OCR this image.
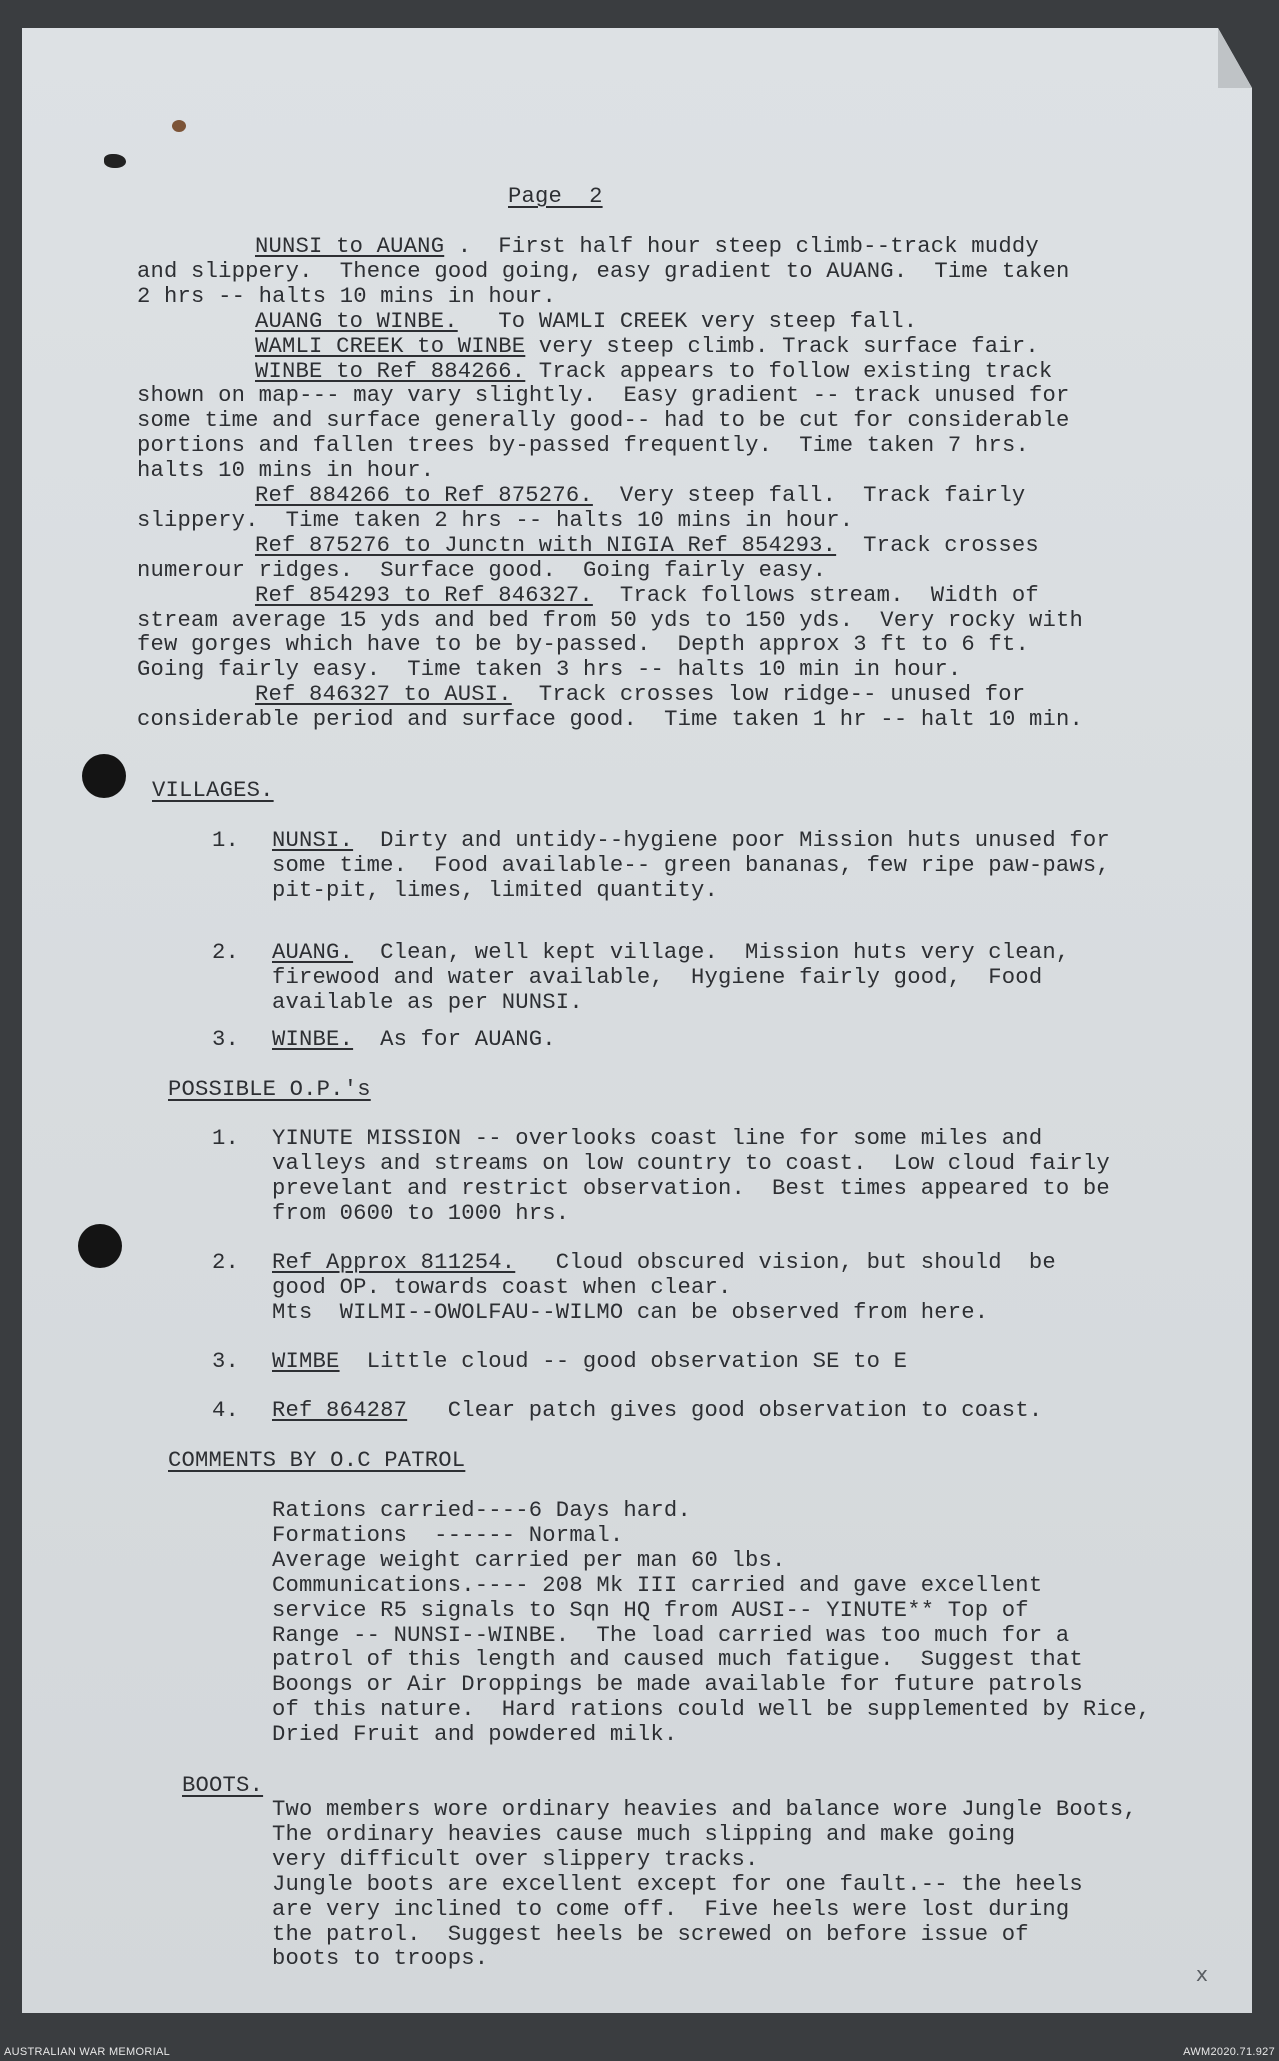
Page  2
NUNSI to AUANG .  First half hour steep climb--track muddy
and slippery.  Thence good going, easy gradient to AUANG.  Time taken
2 hrs -- halts 10 mins in hour.
AUANG to WINBE.   To WAMLI CREEK very steep fall.
WAMLI CREEK to WINBE very steep climb. Track surface fair.
WINBE to Ref 884266. Track appears to follow existing track
shown on map--- may vary slightly.  Easy gradient -- track unused for
some time and surface generally good-- had to be cut for considerable
portions and fallen trees by-passed frequently.  Time taken 7 hrs.
halts 10 mins in hour.
Ref 884266 to Ref 875276.  Very steep fall.  Track fairly
slippery.  Time taken 2 hrs -- halts 10 mins in hour.
Ref 875276 to Junctn with NIGIA Ref 854293.  Track crosses
numerour ridges.  Surface good.  Going fairly easy.
Ref 854293 to Ref 846327.  Track follows stream.  Width of
stream average 15 yds and bed from 50 yds to 150 yds.  Very rocky with
few gorges which have to be by-passed.  Depth approx 3 ft to 6 ft.
Going fairly easy.  Time taken 3 hrs -- halts 10 min in hour.
Ref 846327 to AUSI.  Track crosses low ridge-- unused for
considerable period and surface good.  Time taken 1 hr -- halt 10 min.
VILLAGES.
1. NUNSI.  Dirty and untidy--hygiene poor Mission huts unused for
some time.  Food available-- green bananas, few ripe paw-paws,
pit-pit, limes, limited quantity.
2. AUANG.  Clean, well kept village.  Mission huts very clean,
firewood and water available,  Hygiene fairly good,  Food
available as per NUNSI.
3. WINBE.  As for AUANG.
POSSIBLE O.P.'s
1. YINUTE MISSION -- overlooks coast line for some miles and
valleys and streams on low country to coast.  Low cloud fairly
prevelant and restrict observation.  Best times appeared to be
from 0600 to 1000 hrs.
2. Ref Approx 811254.   Cloud obscured vision, but should  be
good OP. towards coast when clear.
Mts  WILMI--OWOLFAU--WILMO can be observed from here.
3. WIMBE  Little cloud -- good observation SE to E
4. Ref 864287   Clear patch gives good observation to coast.
COMMENTS BY O.C PATROL
Rations carried----6 Days hard.
Formations  ------ Normal.
Average weight carried per man 60 lbs.
Communications.---- 208 Mk III carried and gave excellent
service R5 signals to Sqn HQ from AUSI-- YINUTE** Top of
Range -- NUNSI--WINBE.  The load carried was too much for a
patrol of this length and caused much fatigue.  Suggest that
Boongs or Air Droppings be made available for future patrols
of this nature.  Hard rations could well be supplemented by Rice,
Dried Fruit and powdered milk.
BOOTS.
Two members wore ordinary heavies and balance wore Jungle Boots,
The ordinary heavies cause much slipping and make going
very difficult over slippery tracks.
Jungle boots are excellent except for one fault.-- the heels
are very inclined to come off.  Five heels were lost during
the patrol.  Suggest heels be screwed on before issue of
boots to troops.
x
AUSTRALIAN WAR MEMORIAL	AWM2020.71.927
